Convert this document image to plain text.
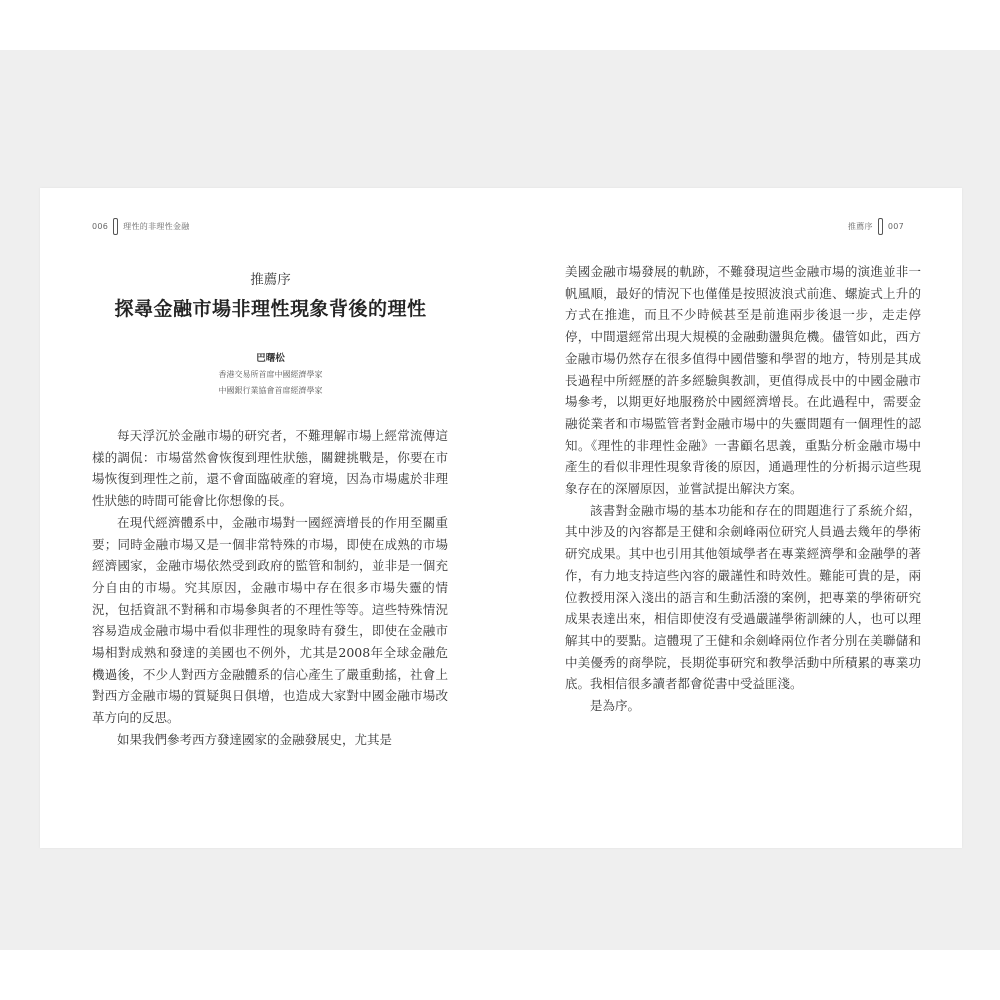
006 理性的非理性金融
推薦序
探尋金融市場非理性現象背後的理性
巴曙松
香港交易所首席中國經濟學家
中國銀行業協會首席經濟學家

每天浮沉於金融市場的研究者，不難理解市場上經常流傳這樣的調侃：市場當然會恢復到理性狀態，關鍵挑戰是，你要在市場恢復到理性之前，還不會面臨破產的窘境，因為市場處於非理性狀態的時間可能會比你想像的長。

在現代經濟體系中，金融市場對一國經濟增長的作用至關重要；同時金融市場又是一個非常特殊的市場，即使在成熟的市場經濟國家，金融市場依然受到政府的監管和制約，並非是一個充分自由的市場。究其原因，金融市場中存在很多市場失靈的情況，包括資訊不對稱和市場參與者的不理性等等。這些特殊情況容易造成金融市場中看似非理性的現象時有發生，即使在金融市場相對成熟和發達的美國也不例外，尤其是2008年全球金融危機過後，不少人對西方金融體系的信心產生了嚴重動搖，社會上對西方金融市場的質疑與日俱增，也造成大家對中國金融市場改革方向的反思。

如果我們參考西方發達國家的金融發展史，尤其是

推薦序 007

美國金融市場發展的軌跡，不難發現這些金融市場的演進並非一帆風順，最好的情況下也僅僅是按照波浪式前進、螺旋式上升的方式在推進，而且不少時候甚至是前進兩步後退一步，走走停停，中間還經常出現大規模的金融動盪與危機。儘管如此，西方金融市場仍然存在很多值得中國借鑒和學習的地方，特別是其成長過程中所經歷的許多經驗與教訓，更值得成長中的中國金融市場參考，以期更好地服務於中國經濟增長。在此過程中，需要金融從業者和市場監管者對金融市場中的失靈問題有一個理性的認知。《理性的非理性金融》一書顧名思義，重點分析金融市場中產生的看似非理性現象背後的原因，通過理性的分析揭示這些現象存在的深層原因，並嘗試提出解決方案。

該書對金融市場的基本功能和存在的問題進行了系統介紹，其中涉及的內容都是王健和余劍峰兩位研究人員過去幾年的學術研究成果。其中也引用其他領域學者在專業經濟學和金融學的著作，有力地支持這些內容的嚴謹性和時效性。難能可貴的是，兩位教授用深入淺出的語言和生動活潑的案例，把專業的學術研究成果表達出來，相信即使沒有受過嚴謹學術訓練的人，也可以理解其中的要點。這體現了王健和余劍峰兩位作者分別在美聯儲和中美優秀的商學院，長期從事研究和教學活動中所積累的專業功底。我相信很多讀者都會從書中受益匪淺。

是為序。
